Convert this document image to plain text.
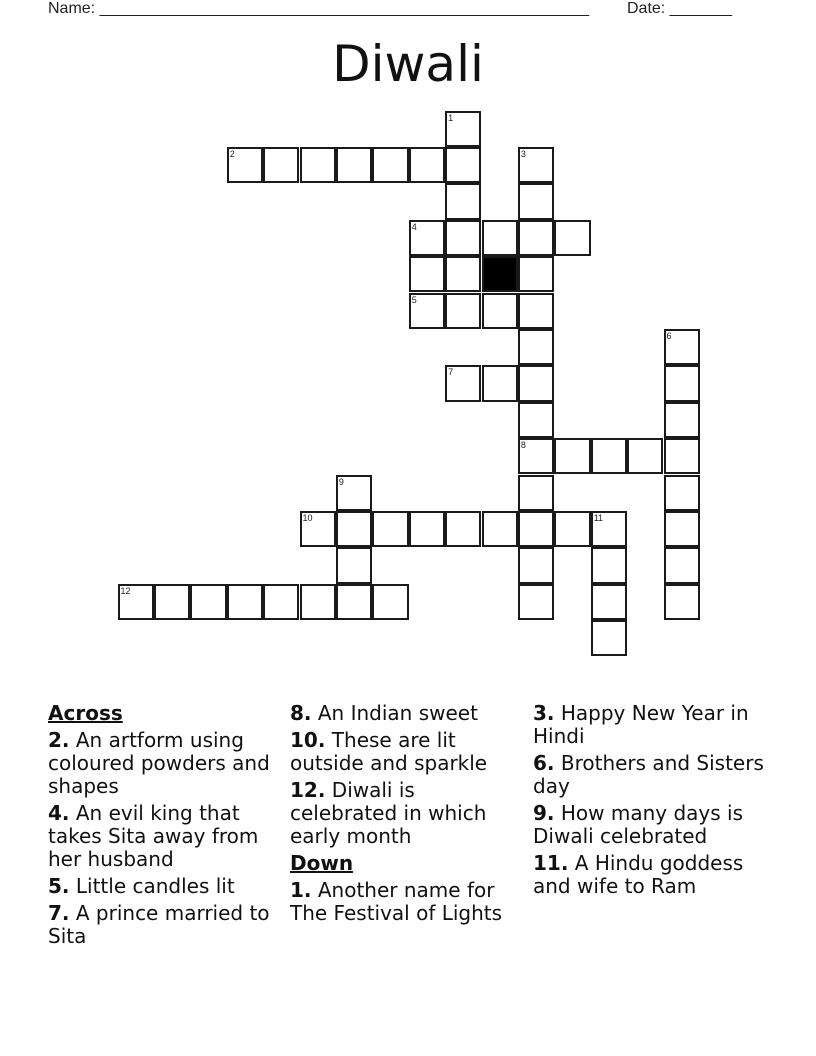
Name: _______________________________________________________ Date: _______
Diwali
1
2	3
4
5
6
7
8
9
10	11
12
Across
2. An artform using coloured powders and shapes
4. An evil king that takes Sita away from her husband
5. Little candles lit
7. A prince married to Sita
8. An Indian sweet
10. These are lit outside and sparkle
12. Diwali is celebrated in which early month
Down
1. Another name for The Festival of Lights
3. Happy New Year in Hindi
6. Brothers and Sisters day
9. How many days is Diwali celebrated
11. A Hindu goddess and wife to Ram
